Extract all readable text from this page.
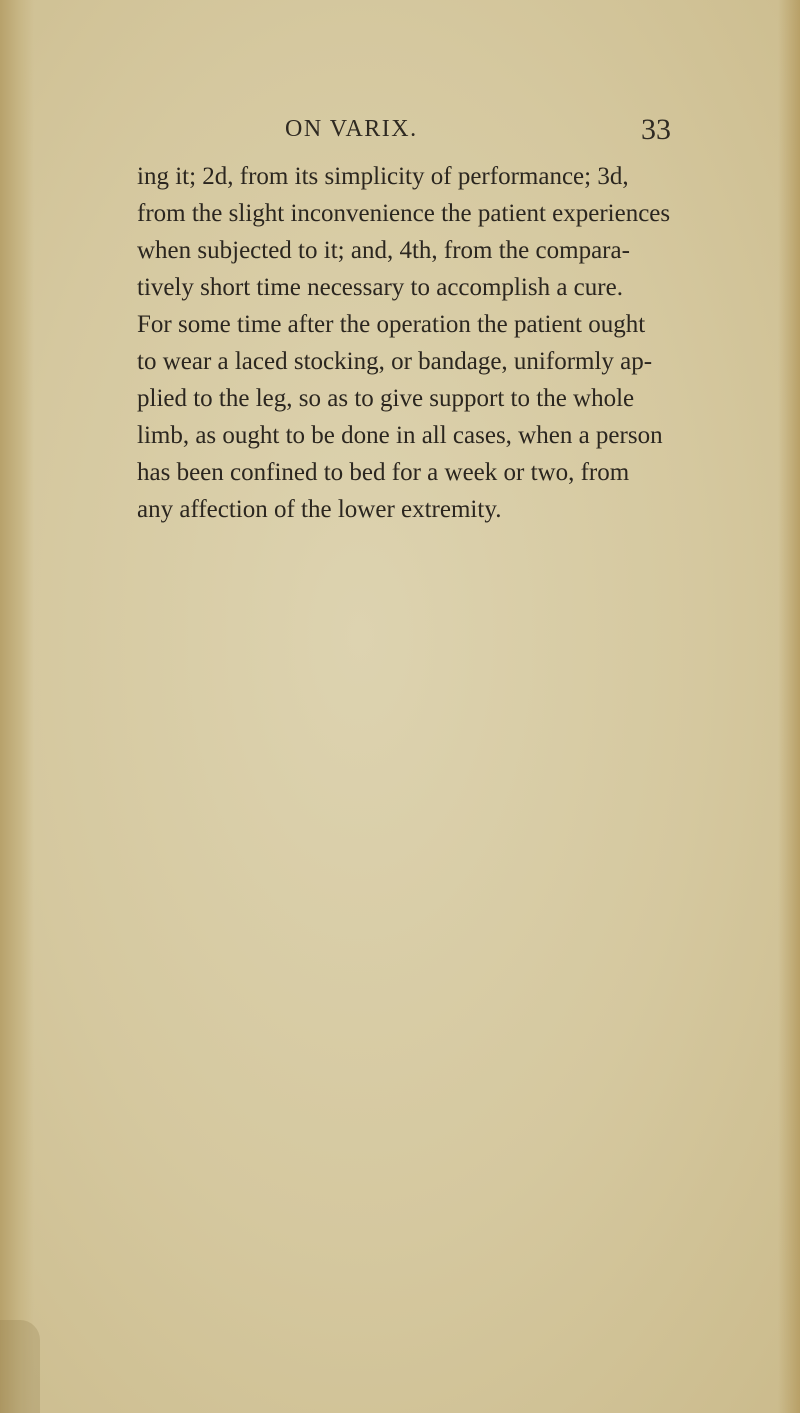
ON VARIX.	33

ing it; 2d, from its simplicity of performance; 3d,
from the slight inconvenience the patient experiences
when subjected to it; and, 4th, from the compara-
tively short time necessary to accomplish a cure.
For some time after the operation the patient ought
to wear a laced stocking, or bandage, uniformly ap-
plied to the leg, so as to give support to the whole
limb, as ought to be done in all cases, when a person
has been confined to bed for a week or two, from
any affection of the lower extremity.
